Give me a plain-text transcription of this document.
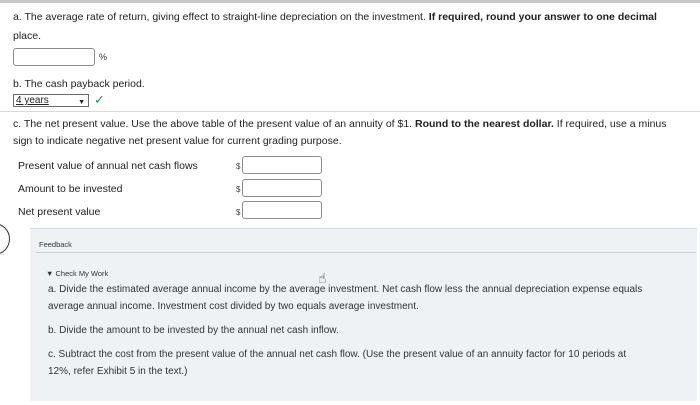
a. The average rate of return, giving effect to straight-line depreciation on the investment. If required, round your answer to one decimal
place.
%
b. The cash payback period.
4 years	▼ ✓
c. The net present value. Use the above table of the present value of an annuity of $1. Round to the nearest dollar. If required, use a minus
sign to indicate negative net present value for current grading purpose.
Present value of annual net cash flows	$
Amount to be invested	$
Net present value	$
Feedback
▼ Check My Work
a. Divide the estimated average annual income by the average investment. Net cash flow less the annual depreciation expense equals
average annual income. Investment cost divided by two equals average investment.
b. Divide the amount to be invested by the annual net cash inflow.
c. Subtract the cost from the present value of the annual net cash flow. (Use the present value of an annuity factor for 10 periods at
12%, refer Exhibit 5 in the text.)
☝
